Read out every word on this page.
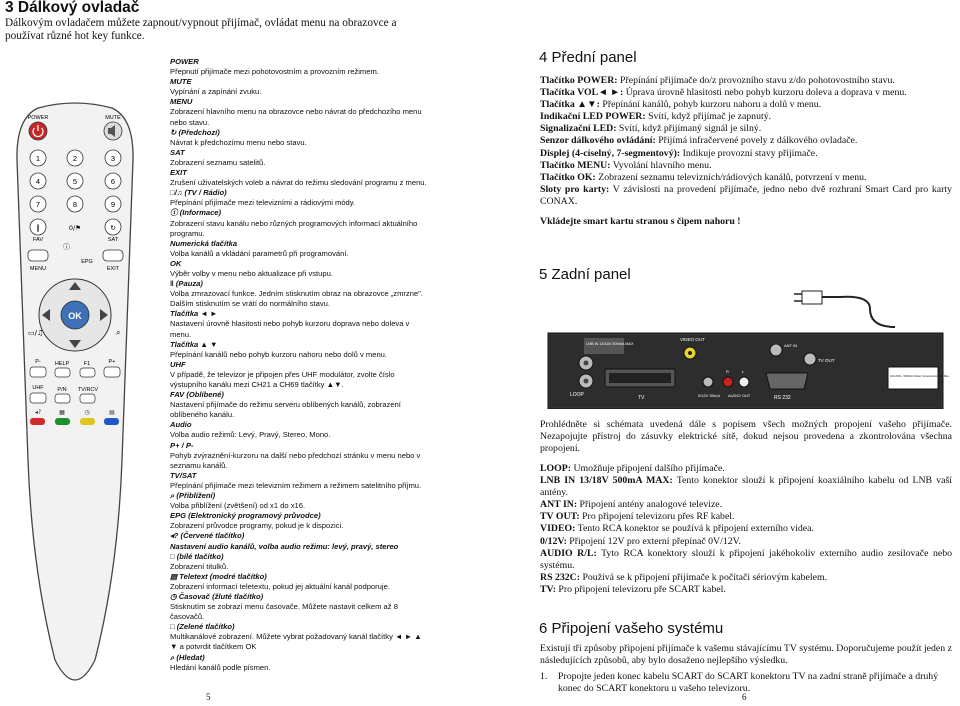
3 Dálkový ovladač
Dálkovým ovladačem můžete zapnout/vypnout přijímač, ovládat menu na obrazovce a používat různé hot key funkce.
POWER	MUTE
1	2	3
4	5	6
7	8	9
‖	0/⚑	↻
FAV	SAT
ⓘ
MENU
EPG
EXIT
OK
▭/♫	⌕
P-	HELP	F1	P+
UHF	P/N TV/RCV
◂?	▦	◷	▤
POWER
Přepnutí přijímače mezi pohotovostním a provozním režimem.
MUTE
Vypínání a zapínání zvuku.
MENU
Zobrazení hlavního menu na obrazovce nebo návrat do předchozího menu nebo stavu.
↻ (Předchozí)
Návrat k předchozímu menu nebo stavu.
SAT
Zobrazení seznamu satelitů.
EXIT
Zrušení uživatelských voleb a návrat do režimu sledování programu z menu.
□/♫ (TV / Rádio)
Přepínání přijímače mezi televizními a rádiovými módy.
ⓘ (Informace)
Zobrazení stavu kanálu nebo různých programových informací aktuálního programu.
Numerická tlačítka
Volba kanálů a vkládání parametrů při programování.
OK
Výběr volby v menu nebo aktualizace při vstupu.
‖ (Pauza)
Volba zmrazovací funkce. Jedním stisknutím obraz na obrazovce „zmrzne". Dalším stisknutím se vrátí do normálního stavu.
Tlačítka ◄ ►
Nastavení úrovně hlasitosti nebo pohyb kurzoru doprava nebo doleva v menu.
Tlačítka ▲ ▼
Přepínání kanálů nebo pohyb kurzoru nahoru nebo dolů v menu.
UHF
V případě, že televizor je připojen přes UHF modulátor, zvolte číslo výstupního kanálu mezi CH21 a CH69 tlačítky ▲▼.
FAV (Oblíbené)
Nastavení přijímače do režimu serveru oblíbených kanálů, zobrazení oblíbeného kanálu.
Audio
Volba audio režimů: Levý, Pravý, Stereo, Mono.
P+ / P-
Pohyb zvýraznění-kurzoru na další nebo předchozí stránku v menu nebo v seznamu kanálů.
TV/SAT
Přepínání přijímače mezi televizním režimem a režimem satelitního příjmu.
⌕ (Přiblížení)
Volba přiblížení (zvětšení) od x1 do x16.
EPG (Elektronický programový průvodce)
Zobrazení průvodce programy, pokud je k dispozici.
◂? (Červené tlačítko)
Nastavení audio kanálů, volba audio režimu: levý, pravý, stereo
□ (bílé tlačítko)
Zobrazení titulků.
▤ Teletext (modré tlačítko)
Zobrazení informací teletextu, pokud jej aktuální kanál podporuje.
◷ Časovač (žluté tlačítko)
Stisknutím se zobrazí menu časovače. Můžete nastavit celkem až 8 časovačů.
□ (Zelené tlačítko)
Multikanálové zobrazení. Můžete vybrat požadovaný kanál tlačítky ◄ ► ▲ ▼ a potvrdit tlačítkem OK
⌕ (Hledat)
Hledání kanálů podle písmen.
5
4 Přední panel
Tlačítko POWER: Přepínání přijímače do/z provozního stavu z/do pohotovostního stavu.
Tlačítka VOL◄ ►: Úprava úrovně hlasitosti nebo pohyb kurzoru doleva a doprava v menu.
Tlačítka ▲▼: Přepínání kanálů, pohyb kurzoru nahoru a dolů v menu.
Indikační LED POWER: Svítí, když přijímač je zapnutý.
Signalizační LED: Svítí, když přijímaný signál je silný.
Senzor dálkového ovládání: Přijímá infračervené povely z dálkového ovladače.
Displej (4-císelný, 7-segmentový): Indikuje provozní stavy přijímače.
Tlačítko MENU: Vyvolání hlavního menu.
Tlačítko OK: Zobrazení seznamu televizních/rádiových kanálů, potvrzení v menu.
Sloty pro karty: V závislosti na provedení přijímače, jedno nebo dvě rozhraní Smart Card pro karty CONAX.
Vkládejte smart kartu stranou s čipem nahoru !
5 Zadní panel
LNB IN 13/18V 500mA MAX
LOOP	TV
VIDEO OUT
0/12V 50mA
R	L
AUDIO OUT	RS 232
ANT IN
TV OUT
100-230V~ 50/60Hz Power Consumption 18W Max
Prohlédněte si schémata uvedená dále s popisem všech možných propojení vašeho přijímače. Nezapojujte přístroj do zásuvky elektrické sítě, dokud nejsou provedena a zkontrolována všechna propojení.
LOOP: Umožňuje připojení dalšího přijímače.
LNB IN 13/18V 500mA MAX: Tento konektor slouží k připojení koaxiálního kabelu od LNB vaší antény.
ANT IN: Připojení antény analogové televize.
TV OUT: Pro připojení televizoru přes RF kabel.
VIDEO: Tento RCA konektor se používá k připojení externího videa.
0/12V: Připojení 12V pro externí přepínač 0V/12V.
AUDIO R/L: Tyto RCA konektory slouží k připojení jakéhokoliv externího audio zesilovače nebo systému.
RS 232C: Používá se k připojení přijímače k počítači sériovým kabelem.
TV: Pro připojení televizoru pře SCART kabel.
6 Připojení vašeho systému
Existují tři způsoby připojení přijímače k vašemu stávajícímu TV systému. Doporučujeme použít jeden z následujících způsobů, aby bylo dosaženo nejlepšího výsledku.
1. Propojte jeden konec kabelu SCART do SCART konektoru TV na zadní straně přijímače a druhý konec do SCART konektoru u vašeho televizoru.
6
